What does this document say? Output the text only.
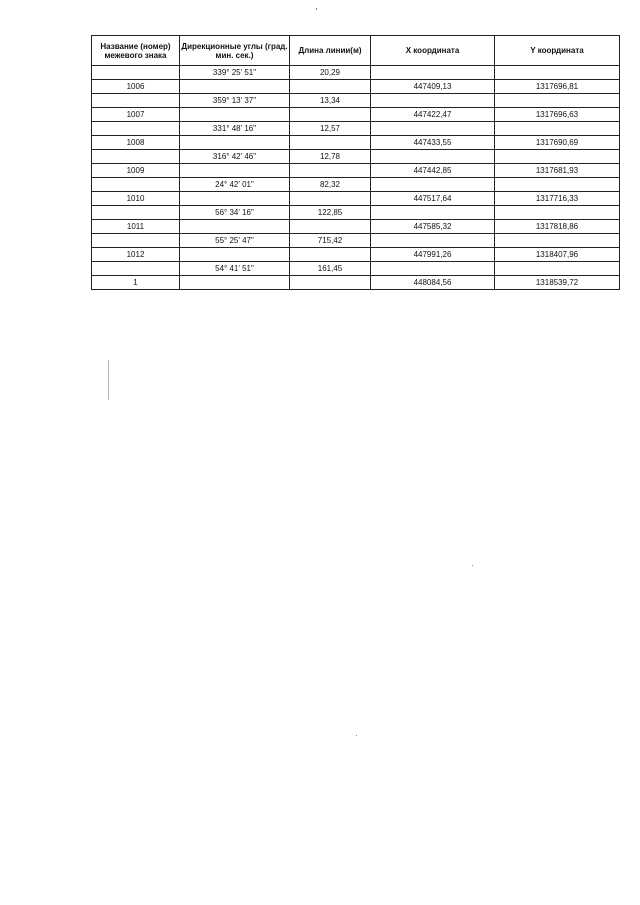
Название (номер) межевого знака	Дирекционные углы (град. мин. сек.)	Длина линии(м)	X координата	Y координата
	339° 25' 51"	20,29		
1006			447409,13	1317696,81
	359° 13' 37"	13,34		
1007			447422,47	1317696,63
	331° 48' 16"	12,57		
1008			447433,55	1317690,69
	316° 42' 46"	12,78		
1009			447442,85	1317681,93
	24° 42' 01"	82,32		
1010			447517,64	1317716,33
	56° 34' 16"	122,85		
1011			447585,32	1317818,86
	55° 25' 47"	715,42		
1012			447991,26	1318407,96
	54° 41' 51"	161,45		
1			448084,56	1318539,72
